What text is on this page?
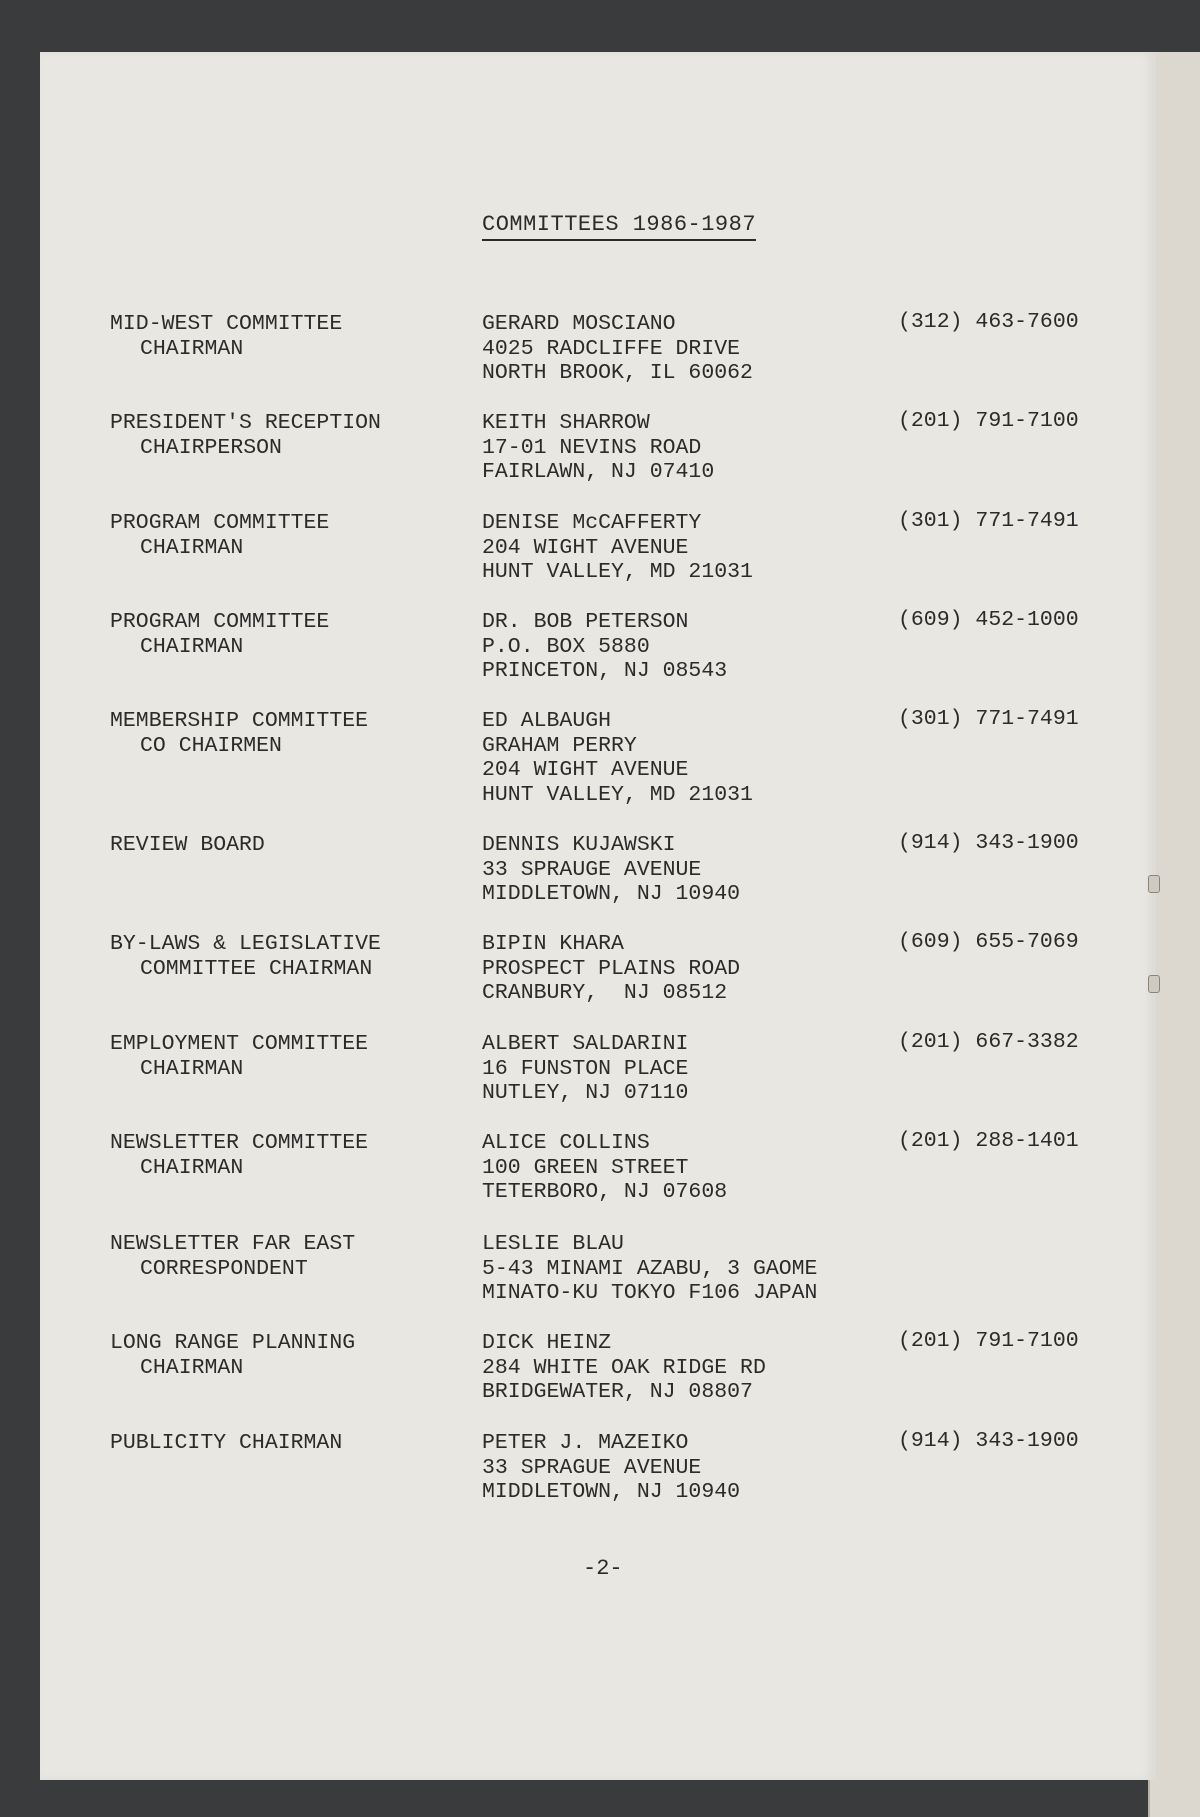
COMMITTEES 1986-1987
MID-WEST COMMITTEE
CHAIRMAN
GERARD MOSCIANO
4025 RADCLIFFE DRIVE
NORTH BROOK, IL 60062
(312) 463-7600
PRESIDENT'S RECEPTION
CHAIRPERSON
KEITH SHARROW
17-01 NEVINS ROAD
FAIRLAWN, NJ 07410
(201) 791-7100
PROGRAM COMMITTEE
CHAIRMAN
DENISE McCAFFERTY
204 WIGHT AVENUE
HUNT VALLEY, MD 21031
(301) 771-7491
PROGRAM COMMITTEE
CHAIRMAN
DR. BOB PETERSON
P.O. BOX 5880
PRINCETON, NJ 08543
(609) 452-1000
MEMBERSHIP COMMITTEE
CO CHAIRMEN
ED ALBAUGH
GRAHAM PERRY
204 WIGHT AVENUE
HUNT VALLEY, MD 21031
(301) 771-7491
REVIEW BOARD	DENNIS KUJAWSKI
33 SPRAUGE AVENUE
MIDDLETOWN, NJ 10940
(914) 343-1900
BY-LAWS & LEGISLATIVE
COMMITTEE CHAIRMAN
BIPIN KHARA
PROSPECT PLAINS ROAD
CRANBURY,  NJ 08512
(609) 655-7069
EMPLOYMENT COMMITTEE
CHAIRMAN
ALBERT SALDARINI
16 FUNSTON PLACE
NUTLEY, NJ 07110
(201) 667-3382
NEWSLETTER COMMITTEE
CHAIRMAN
ALICE COLLINS
100 GREEN STREET
TETERBORO, NJ 07608
(201) 288-1401
NEWSLETTER FAR EAST
CORRESPONDENT
LESLIE BLAU
5-43 MINAMI AZABU, 3 GAOME
MINATO-KU TOKYO F106 JAPAN
LONG RANGE PLANNING
CHAIRMAN
DICK HEINZ
284 WHITE OAK RIDGE RD
BRIDGEWATER, NJ 08807
(201) 791-7100
PUBLICITY CHAIRMAN	PETER J. MAZEIKO
33 SPRAGUE AVENUE
MIDDLETOWN, NJ 10940
(914) 343-1900
-2-
